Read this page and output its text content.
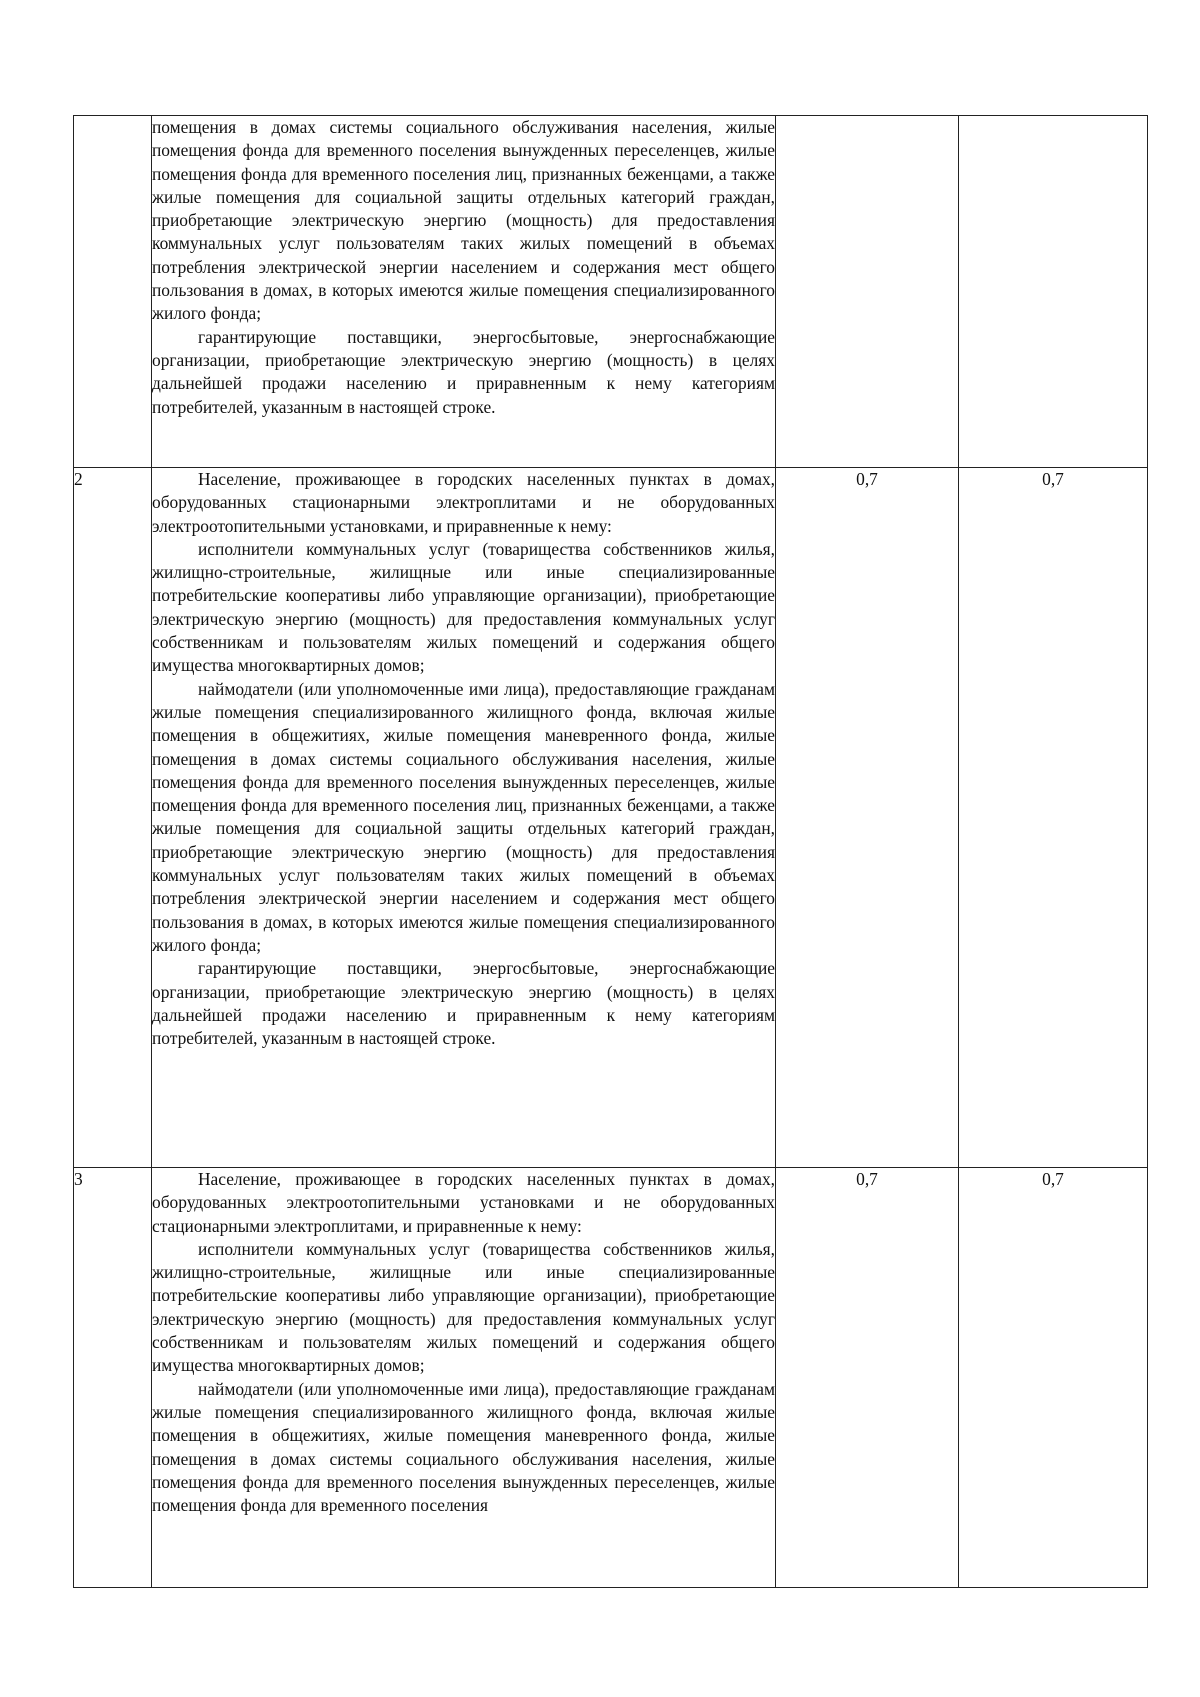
	помещения в домах системы социального обслуживания населения, жилые помещения фонда для временного поселения вынужденных переселенцев, жилые помещения фонда для временного поселения лиц, признанных беженцами, а также жилые помещения для социальной защиты отдельных категорий граждан, приобретающие электрическую энергию (мощность) для предоставления коммунальных услуг пользователям таких жилых помещений в объемах потребления электрической энергии населением и содержания мест общего пользования в домах, в которых имеются жилые помещения специализированного жилого фонда;

гарантирующие поставщики, энергосбытовые, энергоснабжающие организации, приобретающие электрическую энергию (мощность) в целях дальнейшей продажи населению и приравненным к нему категориям потребителей, указанным в настоящей строке.		

2	Население, проживающее в городских населенных пунктах в домах, оборудованных стационарными электроплитами и не оборудованных электроотопительными установками, и приравненные к нему:

исполнители коммунальных услуг (товарищества собственников жилья, жилищно-строительные, жилищные или иные специализированные потребительские кооперативы либо управляющие организации), приобретающие электрическую энергию (мощность) для предоставления коммунальных услуг собственникам и пользователям жилых помещений и содержания общего имущества многоквартирных домов;

наймодатели (или уполномоченные ими лица), предоставляющие гражданам жилые помещения специализированного жилищного фонда, включая жилые помещения в общежитиях, жилые помещения маневренного фонда, жилые помещения в домах системы социального обслуживания населения, жилые помещения фонда для временного поселения вынужденных переселенцев, жилые помещения фонда для временного поселения лиц, признанных беженцами, а также жилые помещения для социальной защиты отдельных категорий граждан, приобретающие электрическую энергию (мощность) для предоставления коммунальных услуг пользователям таких жилых помещений в объемах потребления электрической энергии населением и содержания мест общего пользования в домах, в которых имеются жилые помещения специализированного жилого фонда;

гарантирующие поставщики, энергосбытовые, энергоснабжающие организации, приобретающие электрическую энергию (мощность) в целях дальнейшей продажи населению и приравненным к нему категориям потребителей, указанным в настоящей строке.	0,7	0,7
3	Население, проживающее в городских населенных пунктах в домах, оборудованных электроотопительными установками и не оборудованных стационарными электроплитами, и приравненные к нему:

исполнители коммунальных услуг (товарищества собственников жилья, жилищно-строительные, жилищные или иные специализированные потребительские кооперативы либо управляющие организации), приобретающие электрическую энергию (мощность) для предоставления коммунальных услуг собственникам и пользователям жилых помещений и содержания общего имущества многоквартирных домов;

наймодатели (или уполномоченные ими лица), предоставляющие гражданам жилые помещения специализированного жилищного фонда, включая жилые помещения в общежитиях, жилые помещения маневренного фонда, жилые помещения в домах системы социального обслуживания населения, жилые помещения фонда для временного поселения вынужденных переселенцев, жилые помещения фонда для временного поселения	0,7	0,7
